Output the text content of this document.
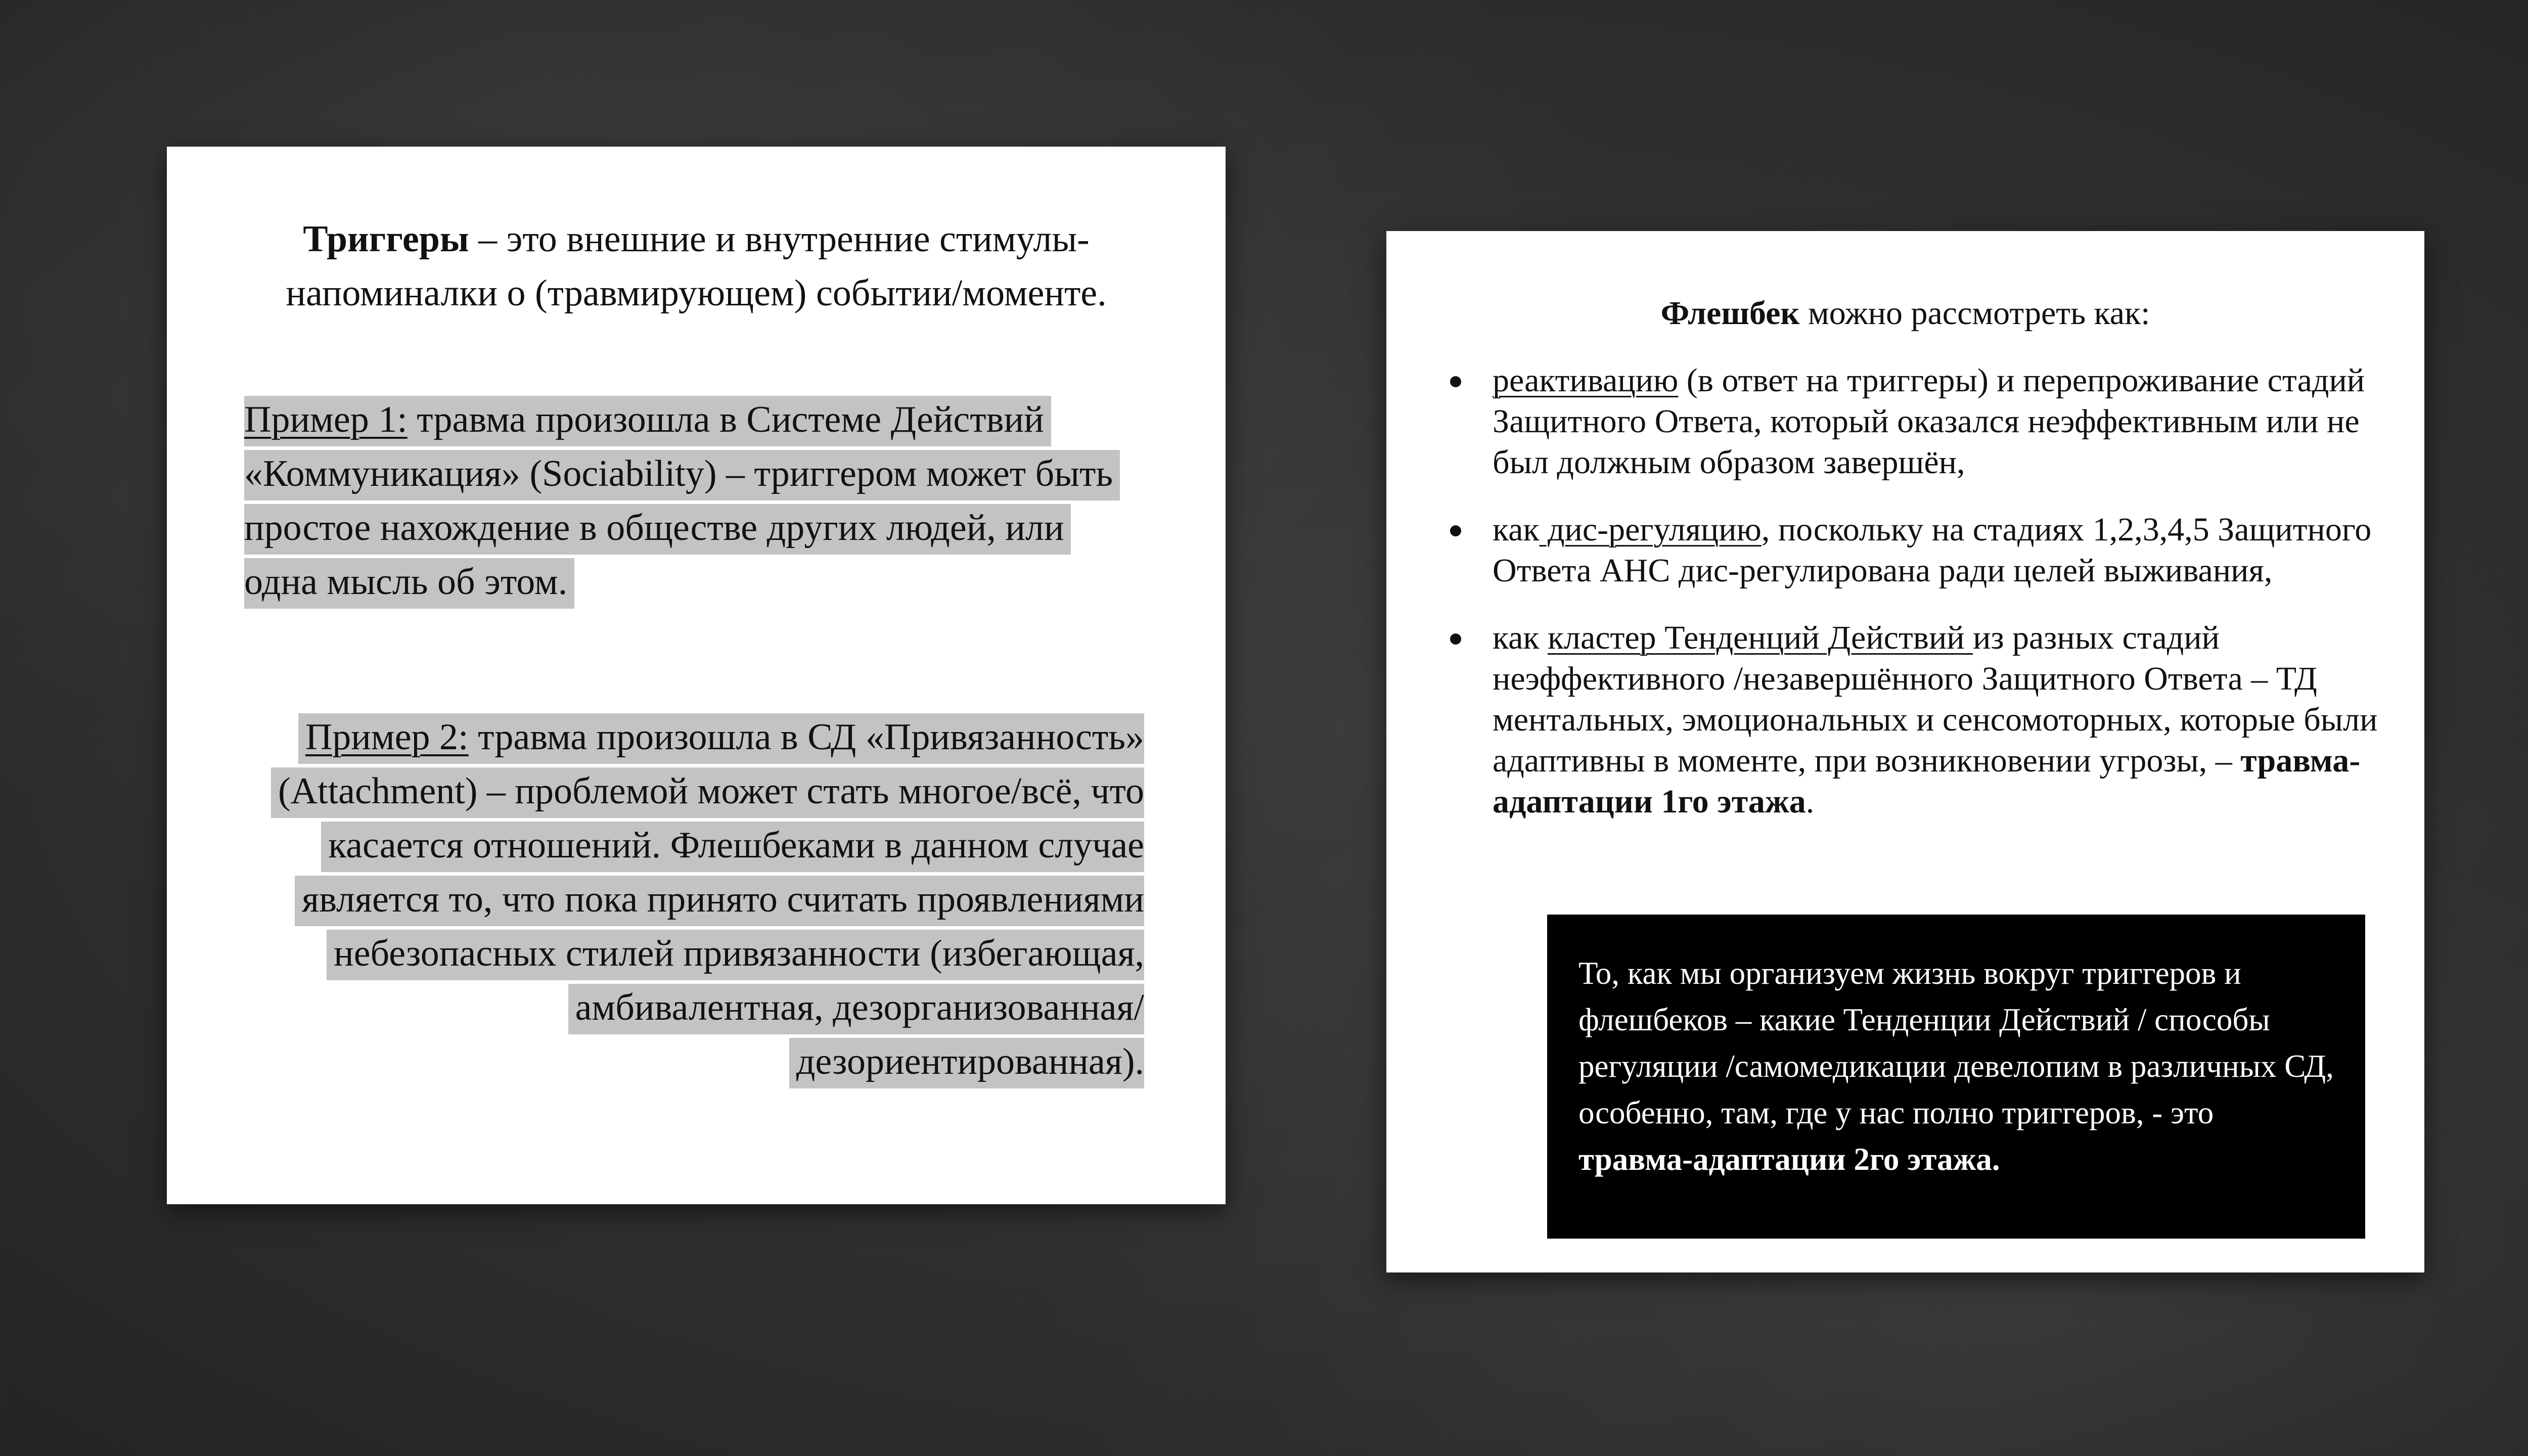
Триггеры – это внешние и внутренние стимулы-напоминалки о (травмирующем) событии/моменте.

Пример 1: травма произошла в Системе Действий «Коммуникация» (Sociability) – триггером может быть простое нахождение в обществе других людей, или одна мысль об этом.
Пример 2: травма произошла в СД «Привязанность» (Attachment) – проблемой может стать многое/всё, что касается отношений. Флешбеками в данном случае является то, что пока принято считать проявлениями небезопасных стилей привязанности (избегающая, амбивалентная, дезорганизованная/дезориентированная).

Флешбек можно рассмотреть как:

реактивацию (в ответ на триггеры) и перепроживание стадий Защитного Ответа, который оказался неэффективным или не был должным образом завершён,
как дис-регуляцию, поскольку на стадиях 1,2,3,4,5 Защитного Ответа АНС дис-регулирована ради целей выживания,
как кластер Тенденций Действий из разных стадий неэффективного /незавершённого Защитного Ответа – ТД ментальных, эмоциональных и сенсомоторных, которые были адаптивны в моменте, при возникновении угрозы, – травма-адаптации 1го этажа.
То, как мы организуем жизнь вокруг триггеров и флешбеков – какие Тенденции Действий / способы регуляции /самомедикации девелопим в различных СД, особенно, там, где у нас полно триггеров, - это травма-адаптации 2го этажа.
